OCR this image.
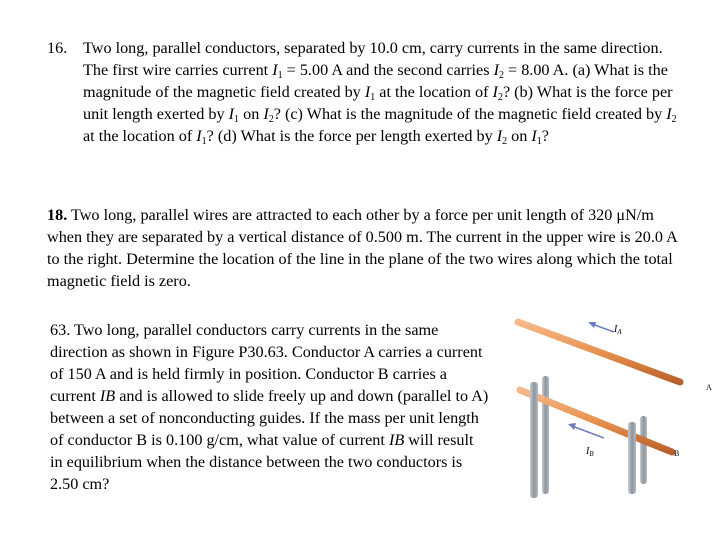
16. Two long, parallel conductors, separated by 10.0 cm, carry currents in the same direction. The first wire carries current $I_1 = 5.00$ A and the second carries $I_2 = 8.00$ A. (a) What is the magnitude of the magnetic field created by $I_1$ at the location of $I_2$? (b) What is the force per unit length exerted by $I_1$ on $I_2$? (c) What is the magnitude of the magnetic field created by $I_2$ at the location of $I_1$? (d) What is the force per length exerted by $I_2$ on $I_1$?

18. Two long, parallel wires are attracted to each other by a force per unit length of 320 μN/m when they are separated by a vertical distance of 0.500 m. The current in the upper wire is 20.0 A to the right. Determine the location of the line in the plane of the two wires along which the total magnetic field is zero.

63. Two long, parallel conductors carry currents in the same direction as shown in Figure P30.63. Conductor A carries a current of 150 A and is held firmly in position. Conductor B carries a current IB and is allowed to slide freely up and down (parallel to A) between a set of nonconducting guides. If the mass per unit length of conductor B is 0.100 g/cm, what value of current IB will result in equilibrium when the distance between the two conductors is 2.50 cm?

$I_A$
A
$I_B$	B
